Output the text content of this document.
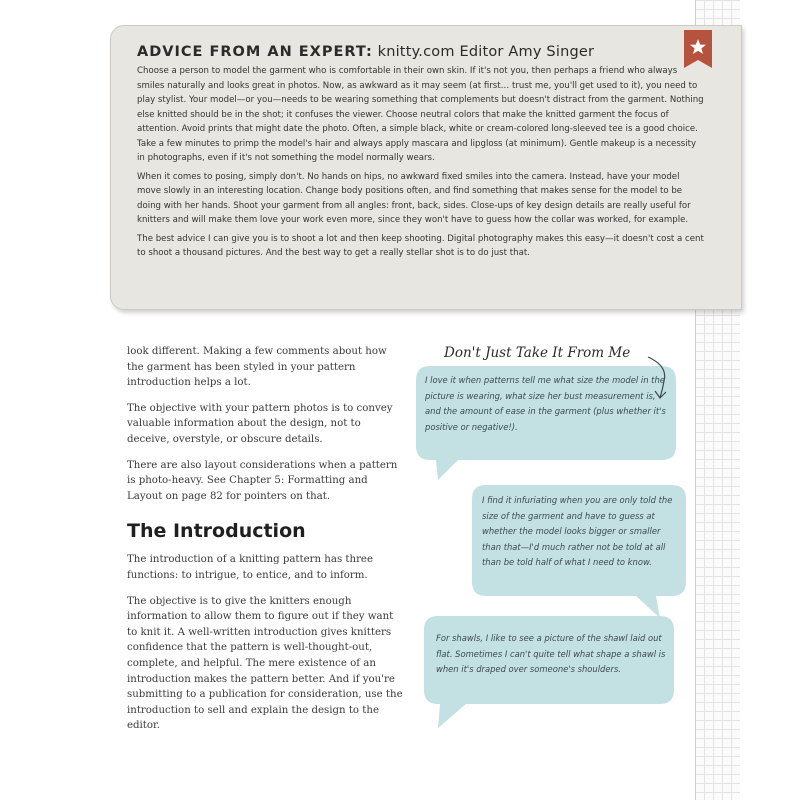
ADVICE FROM AN EXPERT: knitty.com Editor Amy Singer

Choose a person to model the garment who is comfortable in their own skin. If it's not you, then perhaps a friend who always smiles naturally and looks great in photos. Now, as awkward as it may seem (at first… trust me, you'll get used to it), you need to play stylist. Your model—or you—needs to be wearing something that complements but doesn't distract from the garment. Nothing else knitted should be in the shot; it confuses the viewer. Choose neutral colors that make the knitted garment the focus of attention. Avoid prints that might date the photo. Often, a simple black, white or cream-colored long-sleeved tee is a good choice. Take a few minutes to primp the model's hair and always apply mascara and lipgloss (at minimum). Gentle makeup is a necessity in photographs, even if it's not something the model normally wears.

When it comes to posing, simply don't. No hands on hips, no awkward fixed smiles into the camera. Instead, have your model move slowly in an interesting location. Change body positions often, and find something that makes sense for the model to be doing with her hands. Shoot your garment from all angles: front, back, sides. Close-ups of key design details are really useful for knitters and will make them love your work even more, since they won't have to guess how the collar was worked, for example.

The best advice I can give you is to shoot a lot and then keep shooting. Digital photography makes this easy—it doesn't cost a cent to shoot a thousand pictures. And the best way to get a really stellar shot is to do just that.

look different. Making a few comments about how the garment has been styled in your pattern introduction helps a lot.

The objective with your pattern photos is to convey valuable information about the design, not to deceive, overstyle, or obscure details.

There are also layout considerations when a pattern is photo-heavy. See Chapter 5: Formatting and Layout on page 82 for pointers on that.

The Introduction

The introduction of a knitting pattern has three functions: to intrigue, to entice, and to inform.

The objective is to give the knitters enough information to allow them to figure out if they want to knit it. A well-written introduction gives knitters confidence that the pattern is well-thought-out, complete, and helpful. The mere existence of an introduction makes the pattern better. And if you're submitting to a publication for consideration, use the introduction to sell and explain the design to the editor.

Don't Just Take It From Me
I love it when patterns tell me what size the model in the picture is wearing, what size her bust measurement is, and the amount of ease in the garment (plus whether it's positive or negative!).
I find it infuriating when you are only told the size of the garment and have to guess at whether the model looks bigger or smaller than that—I'd much rather not be told at all than be told half of what I need to know.
For shawls, I like to see a picture of the shawl laid out flat. Sometimes I can't quite tell what shape a shawl is when it's draped over someone's shoulders.
